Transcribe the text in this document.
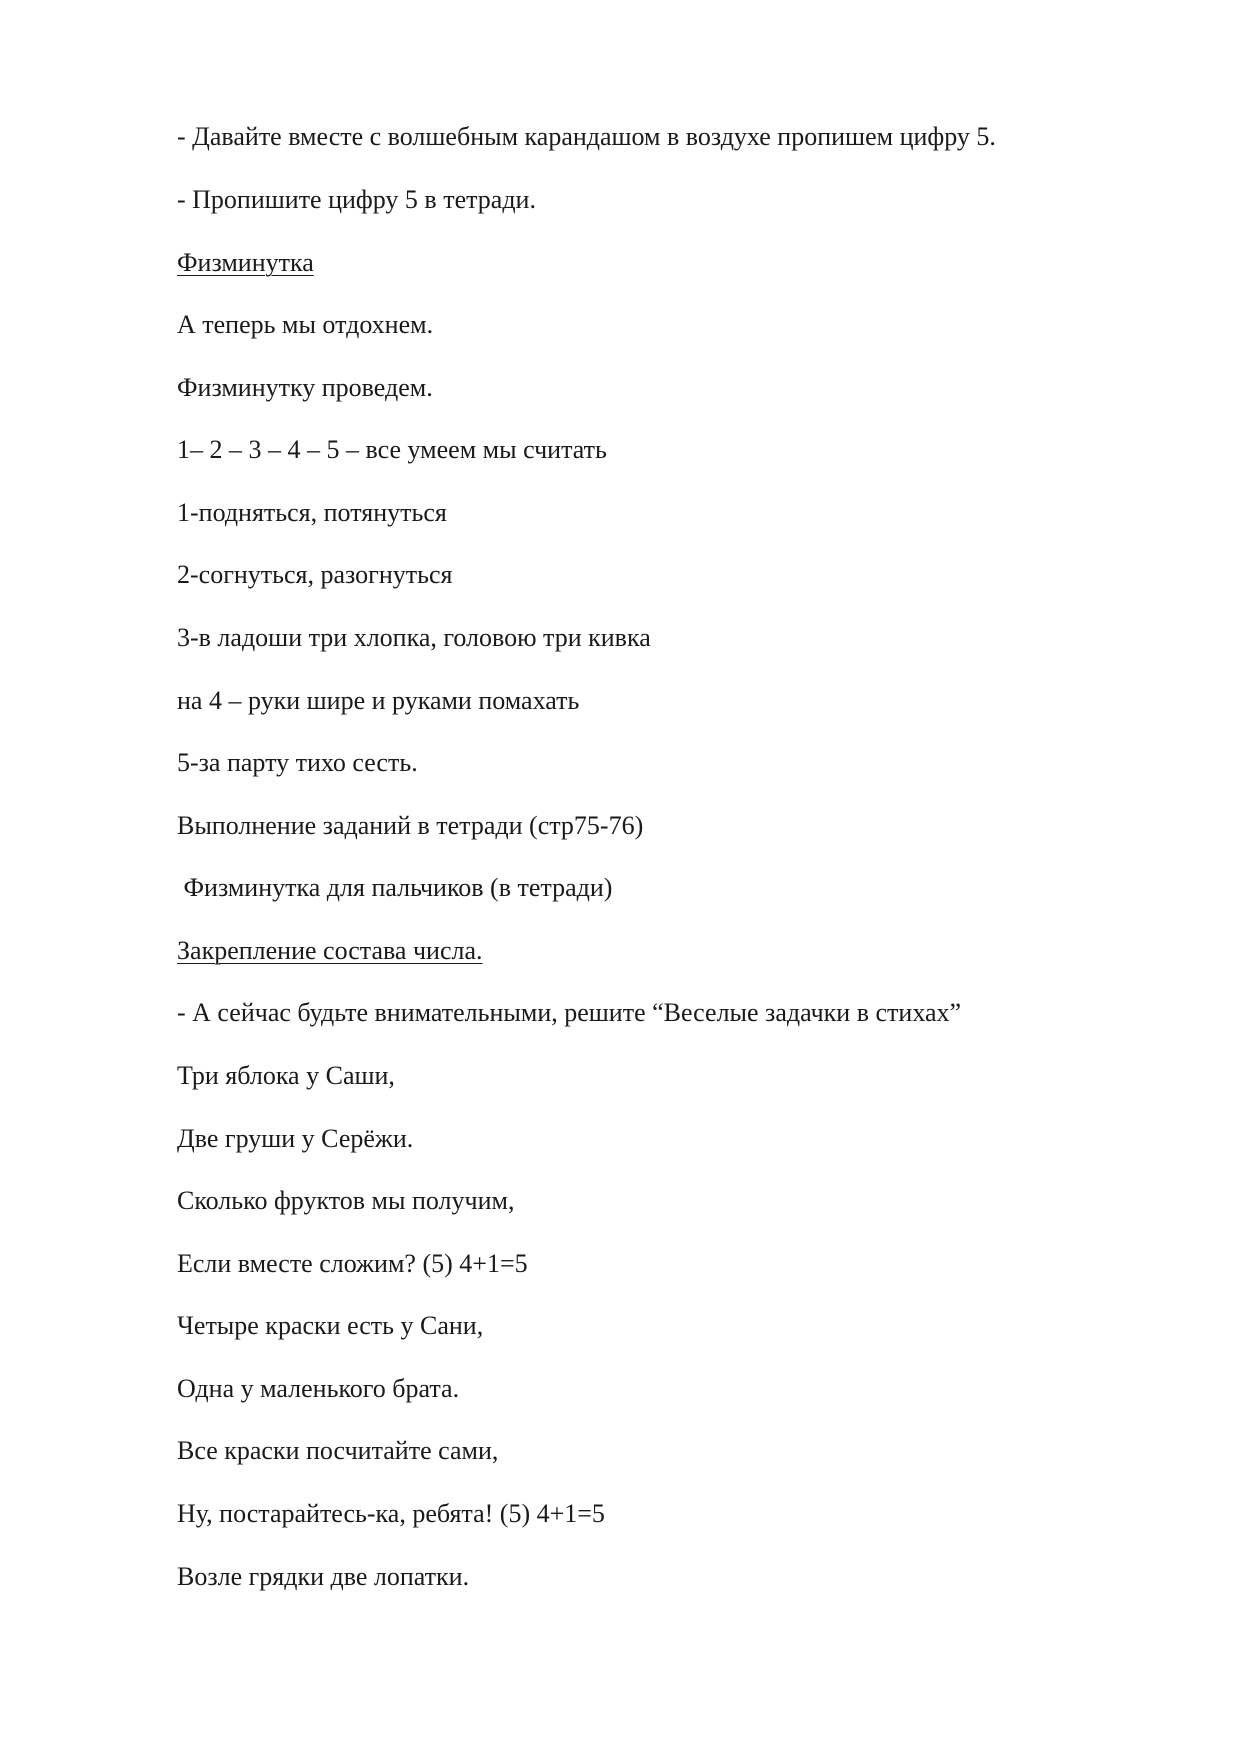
- Давайте вместе с волшебным карандашом в воздухе пропишем цифру 5.
- Пропишите цифру 5 в тетради.
Физминутка
А теперь мы отдохнем.
Физминутку проведем.
1– 2 – 3 – 4 – 5 – все умеем мы считать
1-подняться, потянуться
2-согнуться, разогнуться
3-в ладоши три хлопка, головою три кивка
на 4 – руки шире и руками помахать
5-за парту тихо сесть.
Выполнение заданий в тетради (стр75-76)
Физминутка для пальчиков (в тетради)
Закрепление состава числа.
- А сейчас будьте внимательными, решите “Веселые задачки в стихах”
Три яблока у Саши,
Две груши у Серёжи.
Сколько фруктов мы получим,
Если вместе сложим? (5) 4+1=5
Четыре краски есть у Сани,
Одна у маленького брата.
Все краски посчитайте сами,
Ну, постарайтесь-ка, ребята! (5) 4+1=5
Возле грядки две лопатки.
